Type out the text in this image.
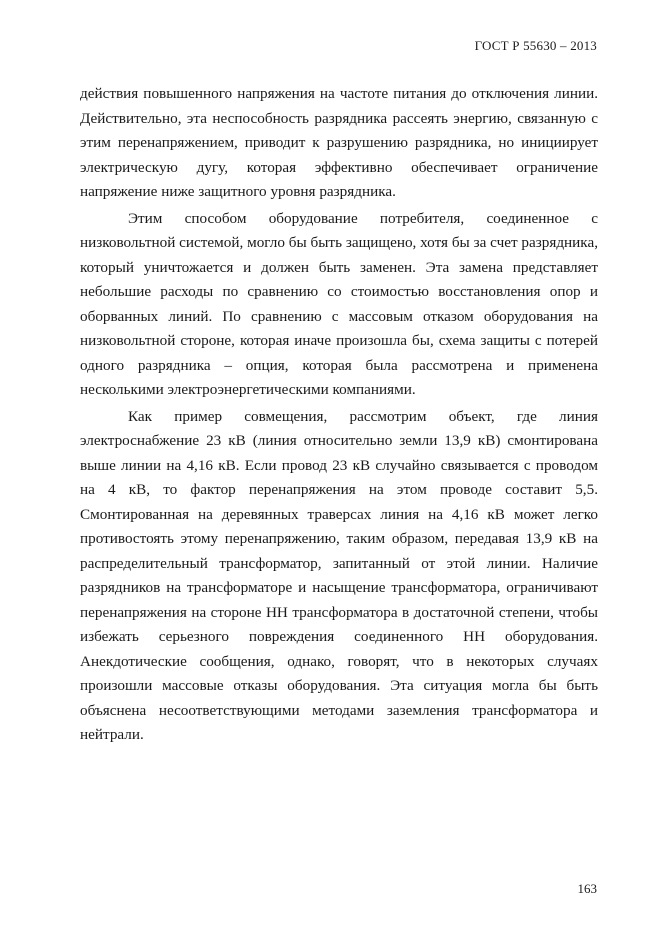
ГОСТ Р 55630 – 2013

действия повышенного напряжения на частоте питания до отключения линии. Действительно, эта неспособность разрядника рассеять энергию, связанную с этим перенапряжением, приводит к разрушению разрядника, но инициирует электрическую дугу, которая эффективно обеспечивает ограничение напряжение ниже защитного уровня разрядника.

Этим способом оборудование потребителя, соединенное с низковольтной системой, могло бы быть защищено, хотя бы за счет разрядника, который уничтожается и должен быть заменен. Эта замена представляет небольшие расходы по сравнению со стоимостью восстановления опор и оборванных линий. По сравнению с массовым отказом оборудования на низковольтной стороне, которая иначе произошла бы, схема защиты с потерей одного разрядника – опция, которая была рассмотрена и применена несколькими электроэнергетическими компаниями.

Как пример совмещения, рассмотрим объект, где линия электроснабжение 23 кВ (линия относительно земли 13,9 кВ) смонтирована выше линии на 4,16 кВ. Если провод 23 кВ случайно связывается с проводом на 4 кВ, то фактор перенапряжения на этом проводе составит 5,5. Смонтированная на деревянных траверсах линия на 4,16 кВ может легко противостоять этому перенапряжению, таким образом, передавая 13,9 кВ на распределительный трансформатор, запитанный от этой линии. Наличие разрядников на трансформаторе и насыщение трансформатора, ограничивают перенапряжения на стороне НН трансформатора в достаточной степени, чтобы избежать серьезного повреждения соединенного НН оборудования. Анекдотические сообщения, однако, говорят, что в некоторых случаях произошли массовые отказы оборудования. Эта ситуация могла бы быть объяснена несоответствующими методами заземления трансформатора и нейтрали.

163
